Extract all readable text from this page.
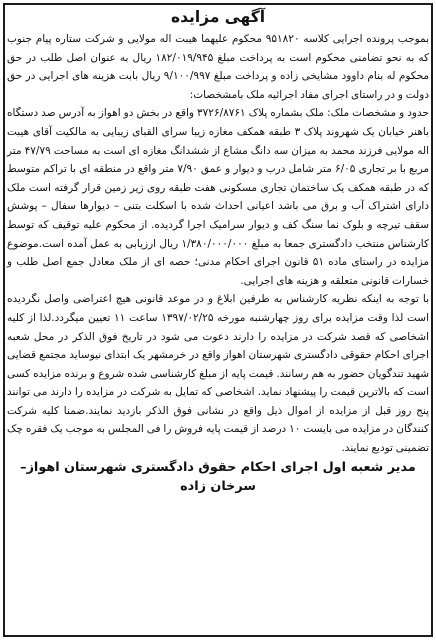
آگهی مزایده

بموجب پرونده اجرایی کلاسه ۹۵۱۸۲۰ محکوم علیهما هیبت اله مولایی و شرکت ستاره پیام جنوب که به نحو تضامنی محکوم است به پرداخت مبلغ ۱۸۲/۰۱۹/۹۴۵ ریال به عنوان اصل طلب در حق محکوم له بنام داوود مشایخی زاده و پرداخت مبلغ ۹/۱۰۰/۹۹۷ ریال بابت هزینه های اجرایی در حق دولت و در راستای اجرای مفاد اجرائیه ملک بامشخصات:

حدود و مشخصات ملک: ملک بشماره پلاک ۳۷۲۶/۸۷۶۱ واقع در بخش دو اهواز به آدرس صد دستگاه باهنر خیابان یک شهروند پلاک ۳ طبقه همکف مغازه زیبا سرای القبای زیبایی به مالکیت آقای هیبت اله مولایی فرزند محمد به میزان سه دانگ مشاع از ششدانگ مغازه ای است به مساحت ۴۷/۷۹ متر مربع با بر تجاری ۶/۰۵ متر شامل درب و دیوار و عمق ۷/۹۰ متر واقع در منطقه ای با تراکم متوسط که در طبقه همکف یک ساختمان تجاری مسکونی هفت طبقه روی زیر زمین قرار گرفته است ملک دارای اشتراک آب و برق می باشد اعیانی احداث شده با اسکلت بتنی – دیوارها سفال – پوشش سقف تیرچه و بلوک نما سنگ کف و دیوار سرامیک اجرا گردیده. از محکوم علیه توقیف که توسط کارشناس منتخب دادگستری جمعا به مبلغ ۱/۳۸۰/۰۰۰/۰۰۰ ریال ارزیابی به عمل آمده است.موضوع مزایده در راستای ماده ۵۱ قانون اجرای احکام مدنی؛ حصه ای از ملک معادل جمع اصل طلب و خسارات قانونی متعلقه و هزینه های اجرایی.

با توجه به اینکه نظریه کارشناس به طرفین ابلاغ و در موعد قانونی هیچ اعتراضی واصل نگردیده است لذا وقت مزایده برای روز چهارشنبه مورخه ۱۳۹۷/۰۲/۲۵ ساعت ۱۱ تعیین میگردد.لذا از کلیه اشخاصی که قصد شرکت در مزایده را دارند دعوت می شود در تاریخ فوق الذکر در محل شعبه اجرای احکام حقوقی دادگستری شهرستان اهواز واقع در خرمشهر یک ابتدای نیوساید مجتمع قضایی شهید تندگویان حضور به هم رسانند. قیمت پایه از مبلغ کارشناسی شده شروع و برنده مزایده کسی است که بالاترین قیمت را پیشنهاد نماید. اشخاصی که تمایل به شرکت در مزایده را دارند می توانند پنج روز قبل از مزایده از اموال ذیل واقع در نشانی فوق الذکر بازدید نمایند.ضمنا کلیه شرکت کنندگان در مزایده می بایست ۱۰ درصد از قیمت پایه فروش را فی المجلس به موجب یک فقره چک تضمینی تودیع نمایند.

مدیر شعبه اول اجرای احکام حقوق دادگستری شهرستان اهواز– سرخان زاده
